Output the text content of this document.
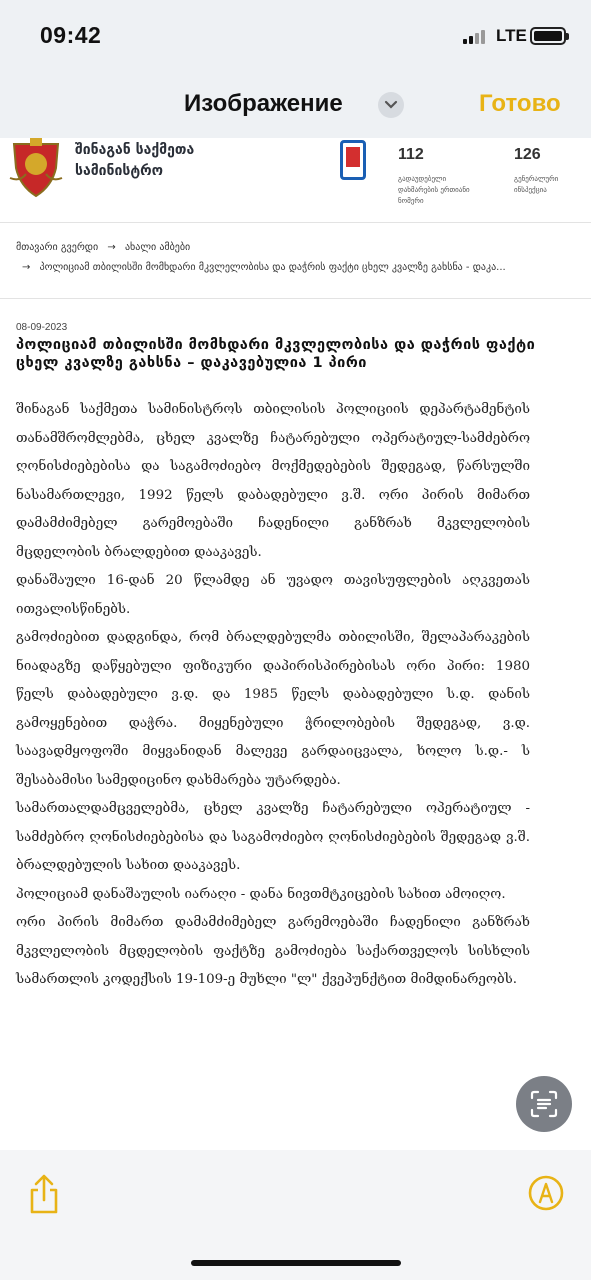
09:42	LTE
Изображение	Готово
შინაგან საქმეთა სამინისტრო
112
გადაუდებელი დახმარების ერთიანი ნომერი
126
გენერალური ინსპექცია
მთავარი გვერდი → ახალი ამბები
→ პოლიციამ თბილისში მომხდარი მკვლელობისა და დაჭრის ფაქტი ცხელ კვალზე გახსნა - დაკა...
08-09-2023
პოლიციამ თბილისში მომხდარი მკვლელობისა და დაჭრის ფაქტი ცხელ კვალზე გახსნა – დაკავებულია 1 პირი

შინაგან საქმეთა სამინისტროს თბილისის პოლიციის დეპარტამენტის თანამშრომლებმა, ცხელ კვალზე ჩატარებული ოპერატიულ-სამძებრო ღონისძიებებისა და საგამოძიებო მოქმედებების შედეგად, წარსულში ნასამართლევი, 1992 წელს დაბადებული ვ.შ. ორი პირის მიმართ დამამძიმებელ გარემოებაში ჩადენილი განზრახ მკვლელობის მცდელობის ბრალდებით დააკავეს.

დანაშაული 16-დან 20 წლამდე ან უვადო თავისუფლების აღკვეთას ითვალისწინებს.

გამოძიებით დადგინდა, რომ ბრალდებულმა თბილისში, შელაპარაკების ნიადაგზე დაწყებული ფიზიკური დაპირისპირებისას ორი პირი: 1980 წელს დაბადებული ვ.დ. და 1985 წელს დაბადებული ს.დ. დანის გამოყენებით დაჭრა. მიყენებული ჭრილობების შედეგად, ვ.დ. საავადმყოფოში მიყვანიდან მალევე გარდაიცვალა, ხოლო ს.დ.- ს შესაბამისი სამედიცინო დახმარება უტარდება.

სამართალდამცველებმა, ცხელ კვალზე ჩატარებული ოპერატიულ - სამძებრო ღონისძიებებისა და საგამოძიებო ღონისძიებების შედეგად ვ.შ. ბრალდებულის სახით დააკავეს.

პოლიციამ დანაშაულის იარაღი - დანა ნივთმტკიცების სახით ამოიღო.

ორი პირის მიმართ დამამძიმებელ გარემოებაში ჩადენილი განზრახ მკვლელობის მცდელობის ფაქტზე გამოძიება საქართველოს სისხლის სამართლის კოდექსის 19-109-ე მუხლი "ლ" ქვეპუნქტით მიმდინარეობს.
